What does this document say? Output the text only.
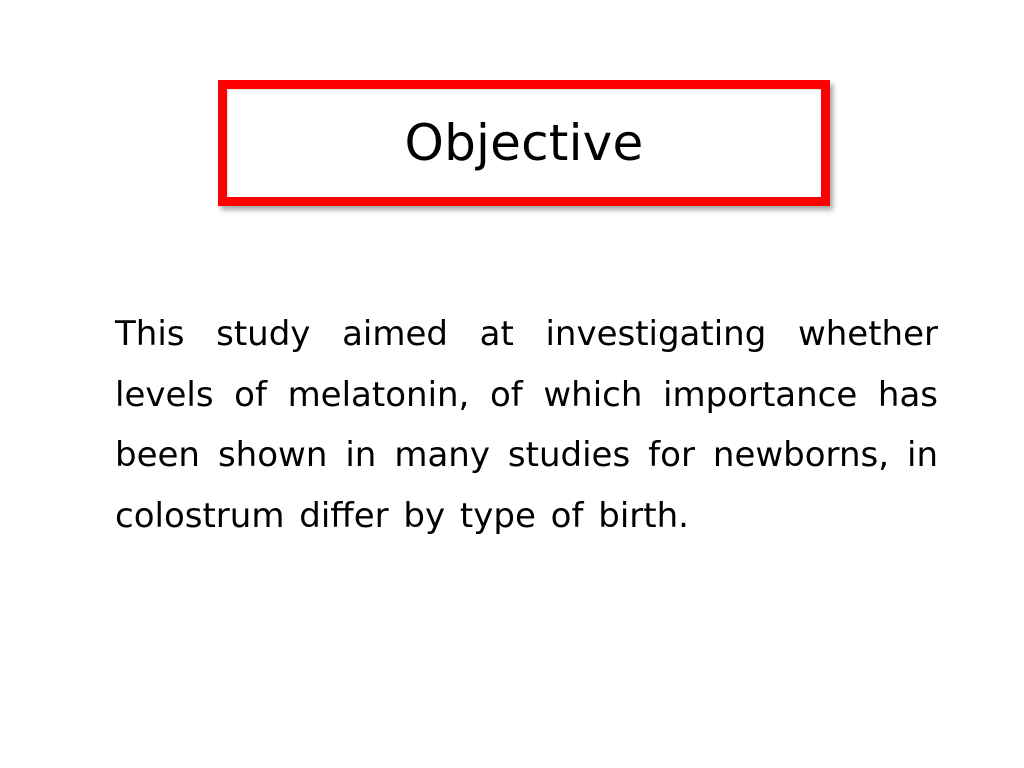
Objective

This study aimed at investigating whether levels of melatonin, of which importance has been shown in many studies for newborns, in colostrum differ by type of birth.
